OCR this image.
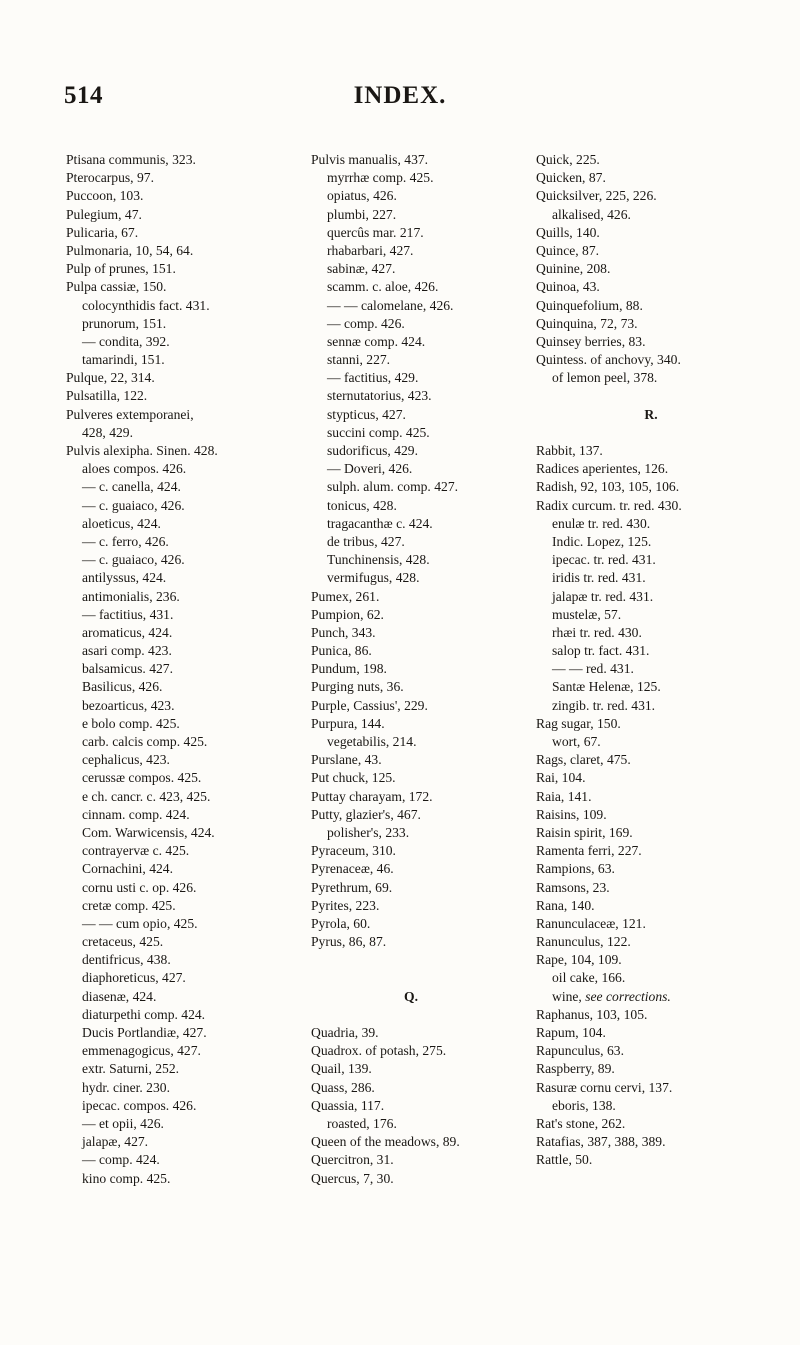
514	INDEX.
Ptisana communis, 323.
Pterocarpus, 97.
Puccoon, 103.
Pulegium, 47.
Pulicaria, 67.
Pulmonaria, 10, 54, 64.
Pulp of prunes, 151.
Pulpa cassiæ, 150.
colocynthidis fact. 431.
prunorum, 151.
— condita, 392.
tamarindi, 151.
Pulque, 22, 314.
Pulsatilla, 122.
Pulveres extemporanei,
428, 429.
Pulvis alexipha. Sinen. 428.
aloes compos. 426.
— c. canella, 424.
— c. guaiaco, 426.
aloeticus, 424.
— c. ferro, 426.
— c. guaiaco, 426.
antilyssus, 424.
antimonialis, 236.
— factitius, 431.
aromaticus, 424.
asari comp. 423.
balsamicus. 427.
Basilicus, 426.
bezoarticus, 423.
e bolo comp. 425.
carb. calcis comp. 425.
cephalicus, 423.
cerussæ compos. 425.
e ch. cancr. c. 423, 425.
cinnam. comp. 424.
Com. Warwicensis, 424.
contrayervæ c. 425.
Cornachini, 424.
cornu usti c. op. 426.
cretæ comp. 425.
— — cum opio, 425.
cretaceus, 425.
dentifricus, 438.
diaphoreticus, 427.
diasenæ, 424.
diaturpethi comp. 424.
Ducis Portlandiæ, 427.
emmenagogicus, 427.
extr. Saturni, 252.
hydr. ciner. 230.
ipecac. compos. 426.
— et opii, 426.
jalapæ, 427.
— comp. 424.
kino comp. 425.
Pulvis manualis, 437.
myrrhæ comp. 425.
opiatus, 426.
plumbi, 227.
quercûs mar. 217.
rhabarbari, 427.
sabinæ, 427.
scamm. c. aloe, 426.
— — calomelane, 426.
— comp. 426.
sennæ comp. 424.
stanni, 227.
— factitius, 429.
sternutatorius, 423.
stypticus, 427.
succini comp. 425.
sudorificus, 429.
— Doveri, 426.
sulph. alum. comp. 427.
tonicus, 428.
tragacanthæ c. 424.
de tribus, 427.
Tunchinensis, 428.
vermifugus, 428.
Pumex, 261.
Pumpion, 62.
Punch, 343.
Punica, 86.
Pundum, 198.
Purging nuts, 36.
Purple, Cassius', 229.
Purpura, 144.
vegetabilis, 214.
Purslane, 43.
Put chuck, 125.
Puttay charayam, 172.
Putty, glazier's, 467.
polisher's, 233.
Pyraceum, 310.
Pyrenaceæ, 46.
Pyrethrum, 69.
Pyrites, 223.
Pyrola, 60.
Pyrus, 86, 87.
Q.
Quadria, 39.
Quadrox. of potash, 275.
Quail, 139.
Quass, 286.
Quassia, 117.
roasted, 176.
Queen of the meadows, 89.
Quercitron, 31.
Quercus, 7, 30.
Quick, 225.
Quicken, 87.
Quicksilver, 225, 226.
alkalised, 426.
Quills, 140.
Quince, 87.
Quinine, 208.
Quinoa, 43.
Quinquefolium, 88.
Quinquina, 72, 73.
Quinsey berries, 83.
Quintess. of anchovy, 340.
of lemon peel, 378.
R.
Rabbit, 137.
Radices aperientes, 126.
Radish, 92, 103, 105, 106.
Radix curcum. tr. red. 430.
enulæ tr. red. 430.
Indic. Lopez, 125.
ipecac. tr. red. 431.
iridis tr. red. 431.
jalapæ tr. red. 431.
mustelæ, 57.
rhæi tr. red. 430.
salop tr. fact. 431.
— — red. 431.
Santæ Helenæ, 125.
zingib. tr. red. 431.
Rag sugar, 150.
wort, 67.
Rags, claret, 475.
Rai, 104.
Raia, 141.
Raisins, 109.
Raisin spirit, 169.
Ramenta ferri, 227.
Rampions, 63.
Ramsons, 23.
Rana, 140.
Ranunculaceæ, 121.
Ranunculus, 122.
Rape, 104, 109.
oil cake, 166.
wine, see corrections.
Raphanus, 103, 105.
Rapum, 104.
Rapunculus, 63.
Raspberry, 89.
Rasuræ cornu cervi, 137.
eboris, 138.
Rat's stone, 262.
Ratafias, 387, 388, 389.
Rattle, 50.
